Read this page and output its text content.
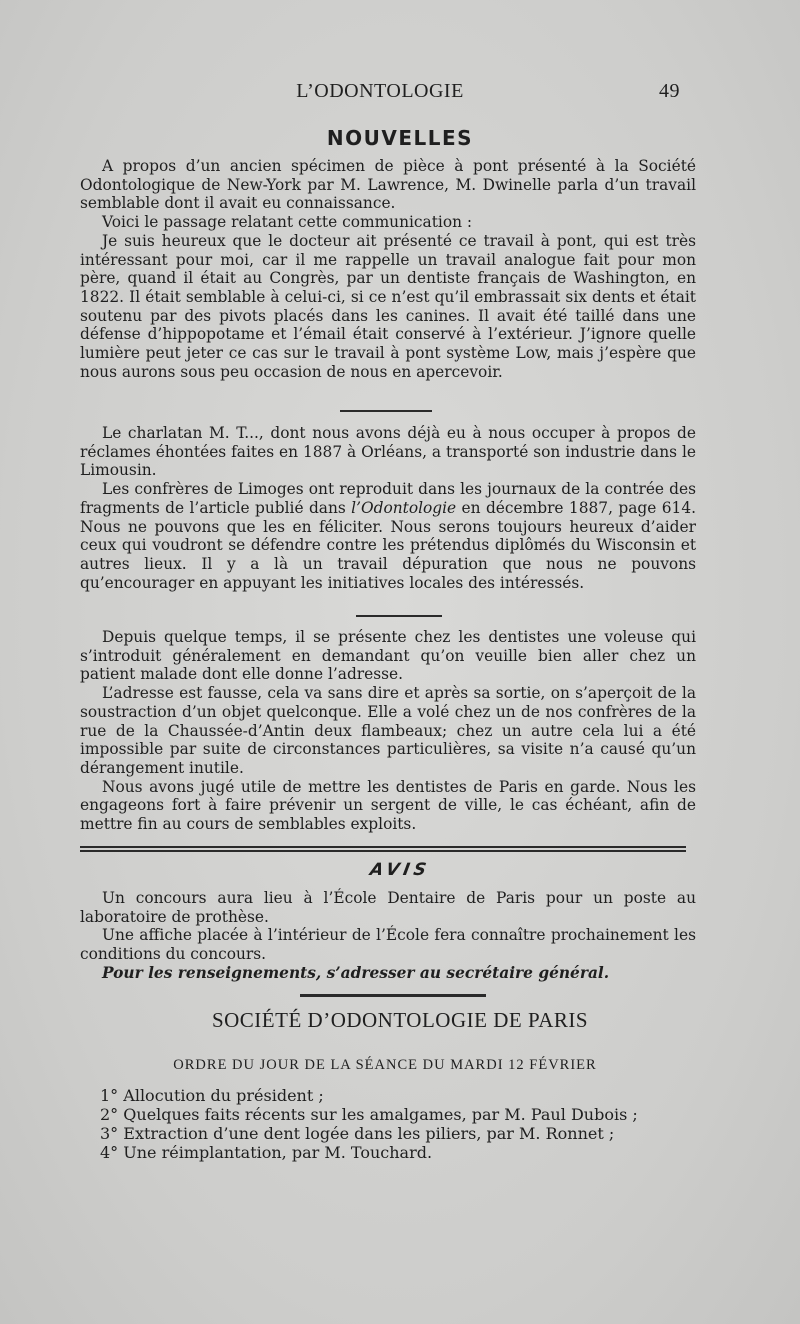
L’ODONTOLOGIE	49
NOUVELLES

A propos d’un ancien spécimen de pièce à pont présenté à la Société Odontologique de New-York par M. Lawrence, M. Dwinelle parla d’un travail semblable dont il avait eu connaissance.

Voici le passage relatant cette communication :

Je suis heureux que le docteur ait présenté ce travail à pont, qui est très intéressant pour moi, car il me rappelle un travail analogue fait pour mon père, quand il était au Congrès, par un dentiste français de Washington, en 1822. Il était semblable à celui-ci, si ce n’est qu’il embrassait six dents et était soutenu par des pivots placés dans les canines. Il avait été taillé dans une défense d’hippopotame et l’émail était conservé à l’extérieur. J’ignore quelle lumière peut jeter ce cas sur le travail à pont système Low, mais j’espère que nous aurons sous peu occasion de nous en apercevoir.

Le charlatan M. T..., dont nous avons déjà eu à nous occuper à propos de réclames éhontées faites en 1887 à Orléans, a transporté son industrie dans le Limousin.

Les confrères de Limoges ont reproduit dans les journaux de la contrée des fragments de l’article publié dans l’Odontologie en décembre 1887, page 614. Nous ne pouvons que les en féliciter. Nous serons toujours heureux d’aider ceux qui voudront se défendre contre les prétendus diplômés du Wisconsin et autres lieux. Il y a là un travail dépuration que nous ne pouvons qu’encourager en appuyant les initiatives locales des intéressés.

Depuis quelque temps, il se présente chez les dentistes une voleuse qui s’introduit généralement en demandant qu’on veuille bien aller chez un patient malade dont elle donne l’adresse.

L’adresse est fausse, cela va sans dire et après sa sortie, on s’aperçoit de la soustraction d’un objet quelconque. Elle a volé chez un de nos confrères de la rue de la Chaussée-d’Antin deux flambeaux; chez un autre cela lui a été impossible par suite de circonstances particulières, sa visite n’a causé qu’un dérangement inutile.

Nous avons jugé utile de mettre les dentistes de Paris en garde. Nous les engageons fort à faire prévenir un sergent de ville, le cas échéant, afin de mettre fin au cours de semblables exploits.

AVIS

Un concours aura lieu à l’École Dentaire de Paris pour un poste au laboratoire de prothèse.

Une affiche placée à l’intérieur de l’École fera connaître prochainement les conditions du concours.

Pour les renseignements, s’adresser au secrétaire général.

SOCIÉTÉ D’ODONTOLOGIE DE PARIS
ORDRE DU JOUR DE LA SÉANCE DU MARDI 12 FÉVRIER
1° Allocution du président ;
2° Quelques faits récents sur les amalgames, par M. Paul Dubois ;
3° Extraction d’une dent logée dans les piliers, par M. Ronnet ;
4° Une réimplantation, par M. Touchard.
